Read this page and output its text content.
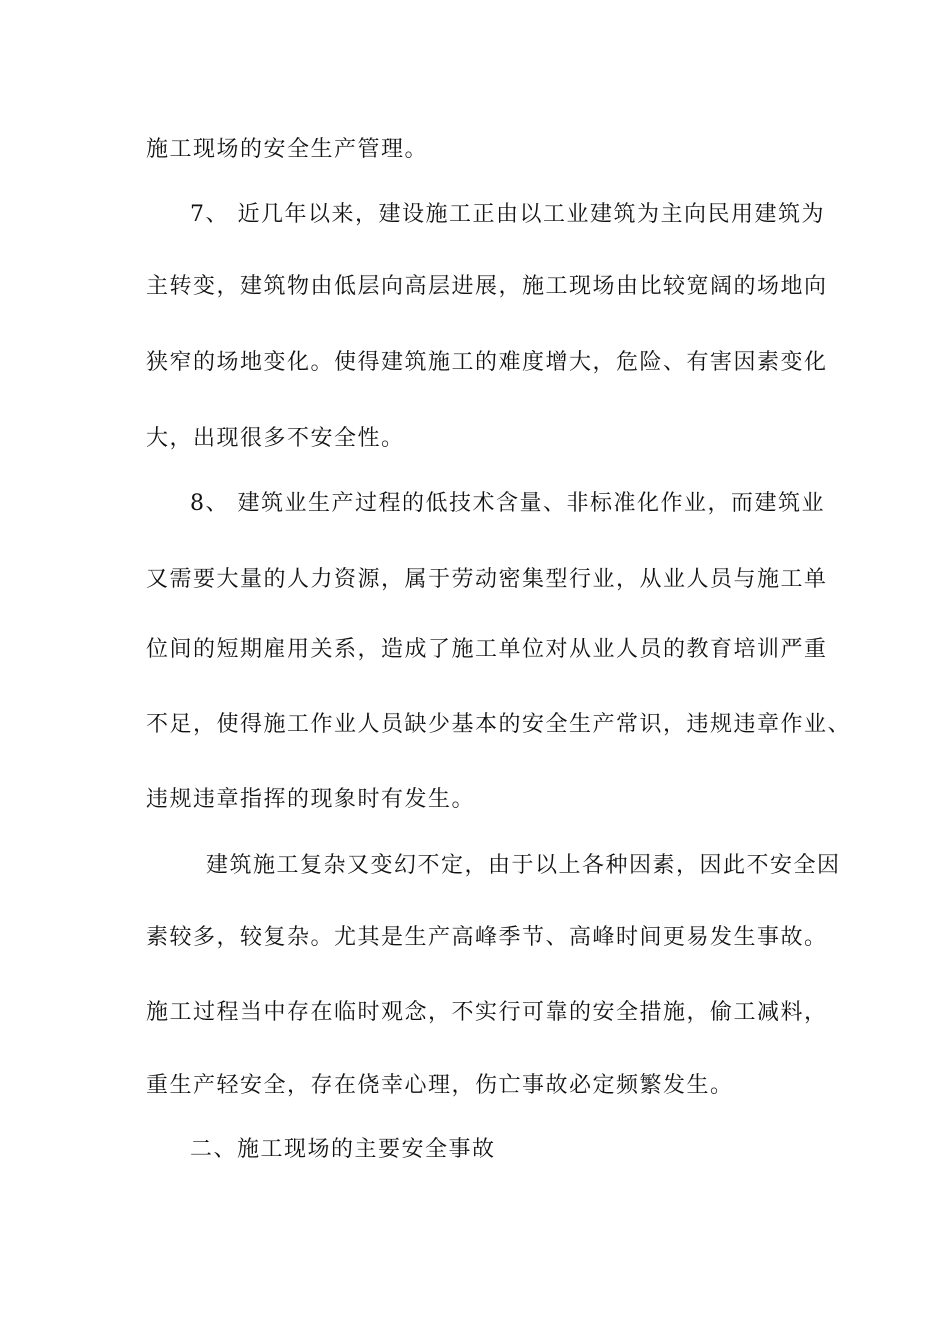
施工现场的安全生产管理。
7、 近几年以来，建设施工正由以工业建筑为主向民用建筑为
主转变，建筑物由低层向高层进展，施工现场由比较宽阔的场地向
狭窄的场地变化。使得建筑施工的难度增大，危险、有害因素变化
大，出现很多不安全性。
8、 建筑业生产过程的低技术含量、非标准化作业，而建筑业
又需要大量的人力资源，属于劳动密集型行业，从业人员与施工单
位间的短期雇用关系，造成了施工单位对从业人员的教育培训严重
不足，使得施工作业人员缺少基本的安全生产常识，违规违章作业、
违规违章指挥的现象时有发生。
建筑施工复杂又变幻不定，由于以上各种因素，因此不安全因
素较多，较复杂。尤其是生产高峰季节、高峰时间更易发生事故。
施工过程当中存在临时观念，不实行可靠的安全措施，偷工减料，
重生产轻安全，存在侥幸心理，伤亡事故必定频繁发生。
二、施工现场的主要安全事故
